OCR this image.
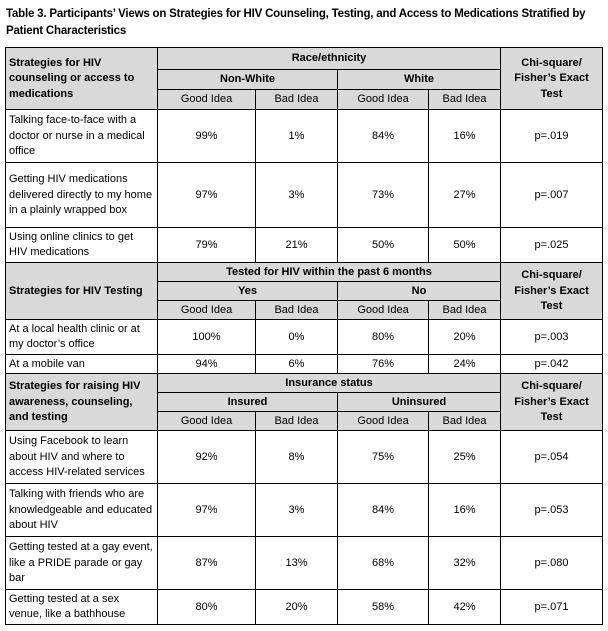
Table 3. Participants’ Views on Strategies for HIV Counseling, Testing, and Access to Medications Stratified by Patient Characteristics
Strategies for HIV counseling or access to medications	Race/ethnicity				Chi-square/ Fisher’s Exact Test
	Non-White		White		
	Good Idea	Bad Idea	Good Idea	Bad Idea	
Talking face-to-face with a doctor or nurse in a medical office	99%	1%	84%	16%	p=.019
Getting HIV medications delivered directly to my home in a plainly wrapped box	97%	3%	73%	27%	p=.007
Using online clinics to get HIV medications	79%	21%	50%	50%	p=.025
Strategies for HIV Testing	Tested for HIV within the past 6 months				Chi-square/ Fisher’s Exact Test
	Yes		No		
	Good Idea	Bad Idea	Good Idea	Bad Idea	
At a local health clinic or at my doctor’s office	100%	0%	80%	20%	p=.003
At a mobile van	94%	6%	76%	24%	p=.042
Strategies for raising HIV awareness, counseling, and testing	Insurance status				Chi-square/ Fisher’s Exact Test
	Insured		Uninsured		
	Good Idea	Bad Idea	Good Idea	Bad Idea	
Using Facebook to learn about HIV and where to access HIV-related services	92%	8%	75%	25%	p=.054
Talking with friends who are knowledgeable and educated about HIV	97%	3%	84%	16%	p=.053
Getting tested at a gay event, like a PRIDE parade or gay bar	87%	13%	68%	32%	p=.080
Getting tested at a sex venue, like a bathhouse	80%	20%	58%	42%	p=.071
